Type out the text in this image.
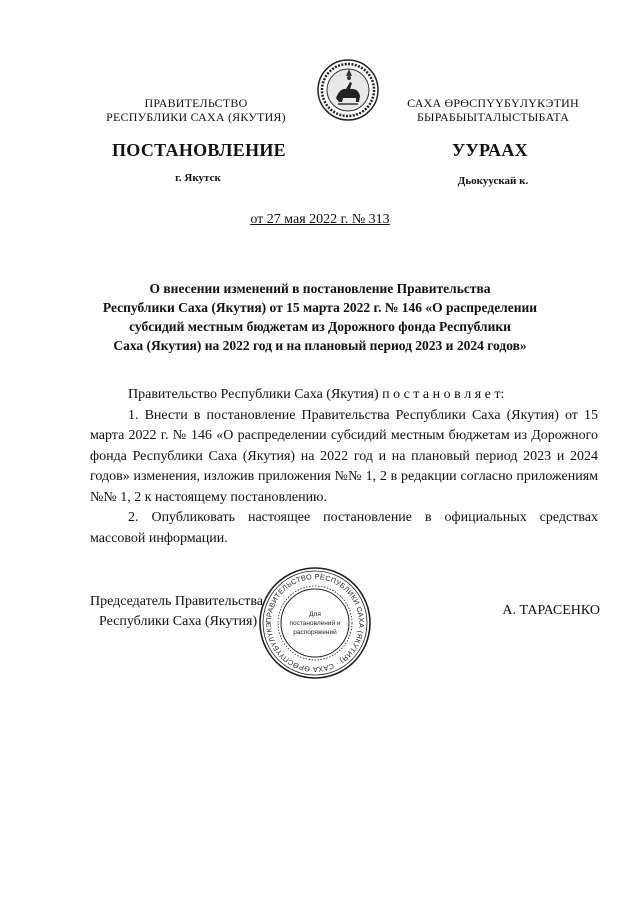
ПРАВИТЕЛЬСТВО
РЕСПУБЛИКИ САХА (ЯКУТИЯ)
САХА ӨРӨСПҮҮБҮЛҮКЭТИН
БЫРАБЫЫТАЛЫСТЫБАТА
ПОСТАНОВЛЕНИЕ	УУРААХ
г. Якутск	Дьокуускай к.
от 27 мая 2022 г. № 313
О внесении изменений в постановление Правительства
Республики Саха (Якутия) от 15 марта 2022 г. № 146 «О распределении
субсидий местным бюджетам из Дорожного фонда Республики
Саха (Якутия) на 2022 год и на плановый период 2023 и 2024 годов»

Правительство Республики Саха (Якутия) п о с т а н о в л я е т:

1. Внести в постановление Правительства Республики Саха (Якутия) от 15 марта 2022 г. № 146 «О распределении субсидий местным бюджетам из Дорожного фонда Республики Саха (Якутия) на 2022 год и на плановый период 2023 и 2024 годов» изменения, изложив приложения №№ 1, 2 в редакции согласно приложениям №№ 1, 2 к настоящему постановлению.

2. Опубликовать настоящее постановление в официальных средствах массовой информации.

Председатель Правительства
Республики Саха (Якутия)
А. ТАРАСЕНКО
ПРАВИТЕЛЬСТВО РЕСПУБЛИКИ САХА (ЯКУТИЯ) · САХА ӨРӨСПҮҮБҮЛҮКЭ
Для
постановлений и
распоряжений
